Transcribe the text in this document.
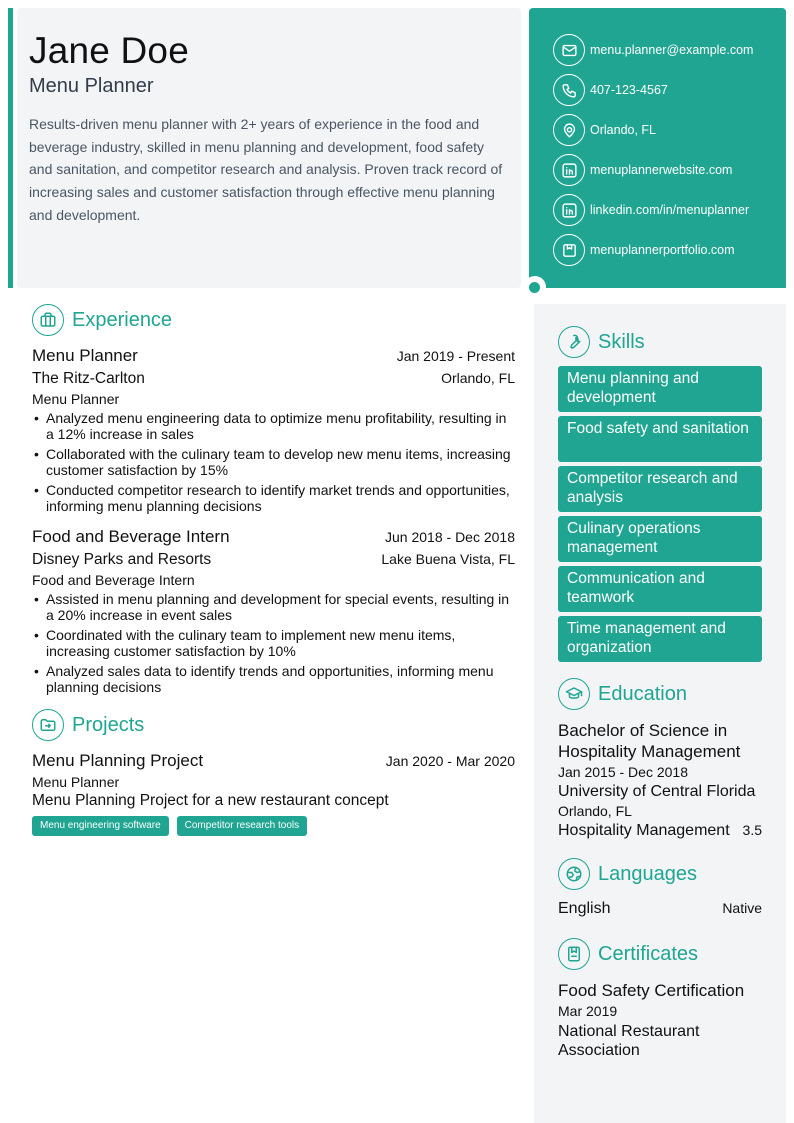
Jane Doe
Menu Planner
Results-driven menu planner with 2+ years of experience in the food and beverage industry, skilled in menu planning and development, food safety and sanitation, and competitor research and analysis. Proven track record of increasing sales and customer satisfaction through effective menu planning and development.
menu.planner@example.com
407-123-4567
Orlando, FL
menuplannerwebsite.com
linkedin.com/in/menuplanner
menuplannerportfolio.com
Experience
Menu Planner	Jan 2019 - Present
The Ritz-Carlton	Orlando, FL
Menu Planner
• Analyzed menu engineering data to optimize menu profitability, resulting in a 12% increase in sales
• Collaborated with the culinary team to develop new menu items, increasing customer satisfaction by 15%
• Conducted competitor research to identify market trends and opportunities, informing menu planning decisions
Food and Beverage Intern	Jun 2018 - Dec 2018
Disney Parks and Resorts	Lake Buena Vista, FL
Food and Beverage Intern
• Assisted in menu planning and development for special events, resulting in a 20% increase in event sales
• Coordinated with the culinary team to implement new menu items, increasing customer satisfaction by 10%
• Analyzed sales data to identify trends and opportunities, informing menu planning decisions
Projects
Menu Planning Project	Jan 2020 - Mar 2020
Menu Planner
Menu Planning Project for a new restaurant concept
Menu engineering software	Competitor research tools
Skills
Menu planning and development
Food safety and sanitation
Competitor research and analysis
Culinary operations management
Communication and teamwork
Time management and organization
Education
Bachelor of Science in Hospitality Management
Jan 2015 - Dec 2018
University of Central Florida
Orlando, FL
Hospitality Management 3.5
Languages
English	Native
Certificates
Food Safety Certification
Mar 2019
National Restaurant Association
